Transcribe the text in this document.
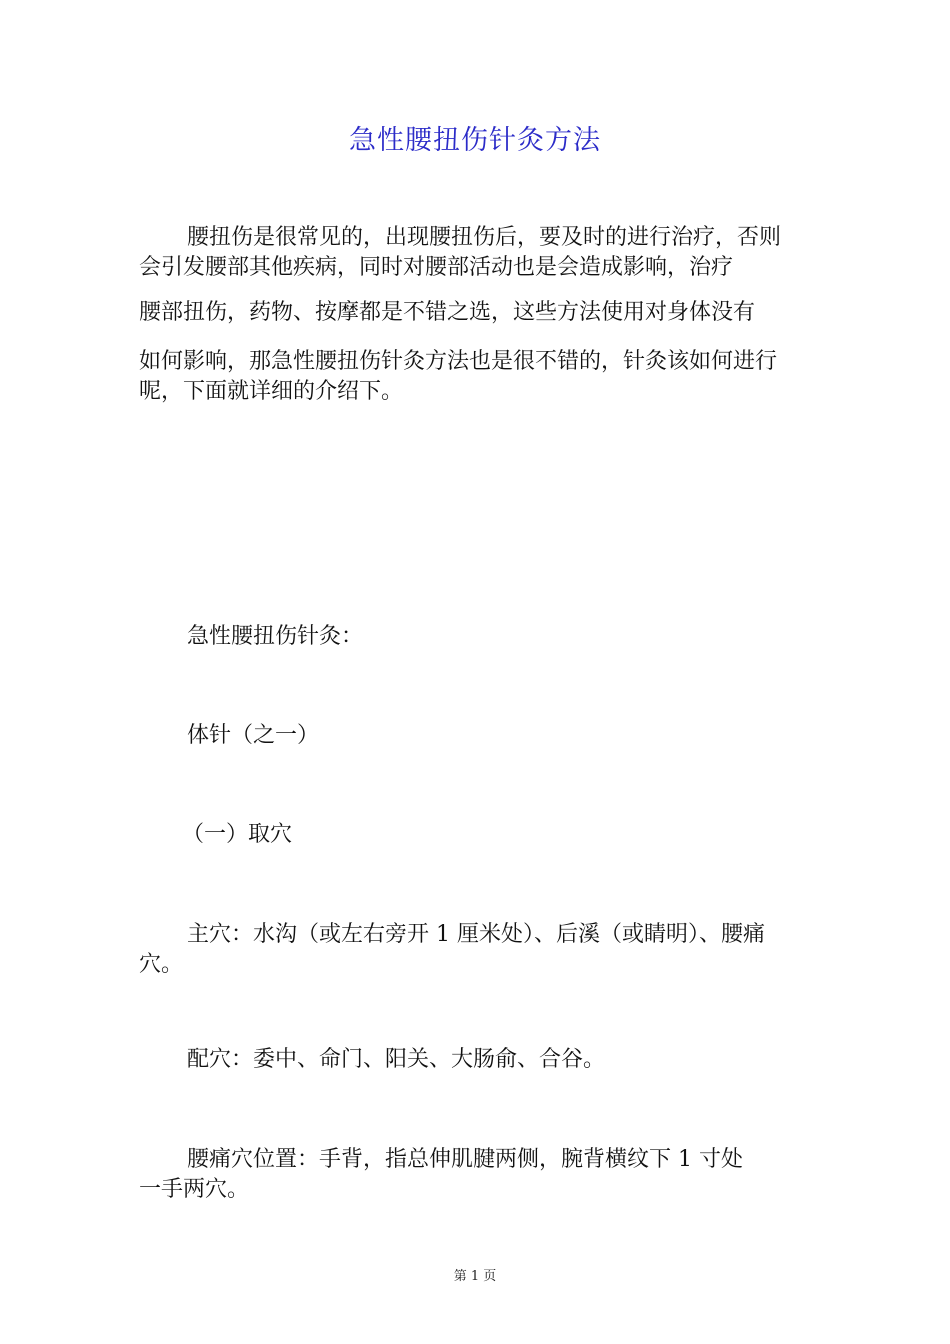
急性腰扭伤针灸方法
腰扭伤是很常见的，出现腰扭伤后，要及时的进行治疗，否则
会引发腰部其他疾病，同时对腰部活动也是会造成影响，治疗
腰部扭伤，药物、按摩都是不错之选，这些方法使用对身体没有
如何影响，那急性腰扭伤针灸方法也是很不错的，针灸该如何进行
呢，下面就详细的介绍下。
急性腰扭伤针灸：
体针（之一）
（一）取穴
主穴：水沟（或左右旁开 1 厘米处）、后溪（或睛明）、腰痛
穴。
配穴：委中、命门、阳关、大肠俞、合谷。
腰痛穴位置：手背，指总伸肌腱两侧，腕背横纹下 1 寸处
一手两穴。
第 1 页
